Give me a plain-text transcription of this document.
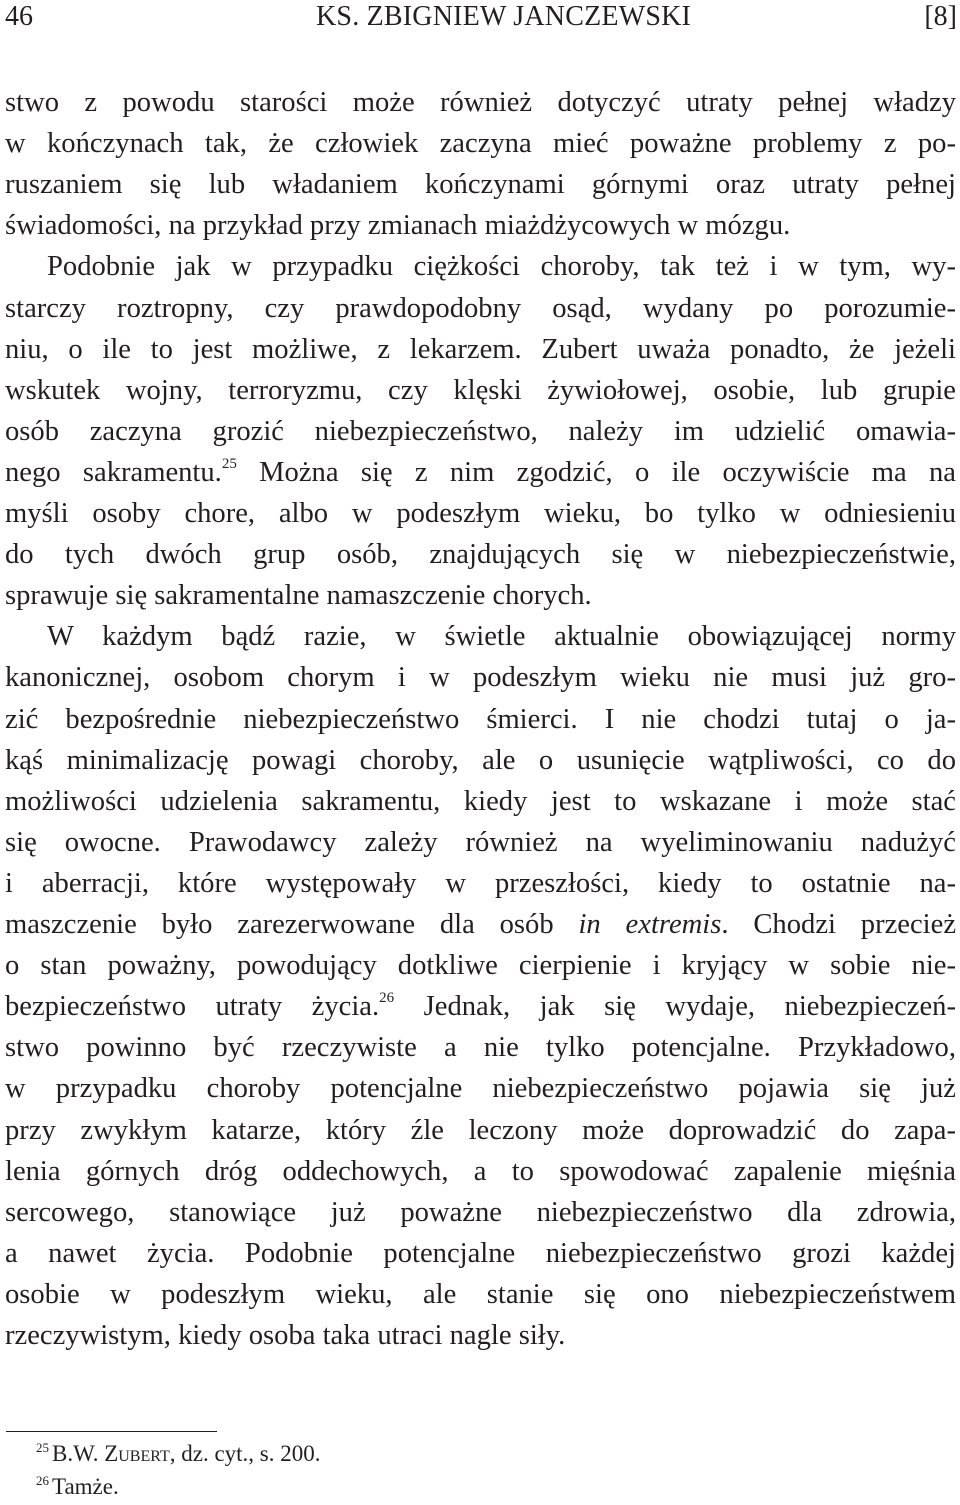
46	KS. ZBIGNIEW JANCZEWSKI	[8]
stwo z powodu starości może również dotyczyć utraty pełnej władzy
w kończynach tak, że człowiek zaczyna mieć poważne problemy z po-
ruszaniem się lub władaniem kończynami górnymi oraz utraty pełnej
świadomości, na przykład przy zmianach miażdżycowych w mózgu.
Podobnie jak w przypadku ciężkości choroby, tak też i w tym, wy-
starczy roztropny, czy prawdopodobny osąd, wydany po porozumie-
niu, o ile to jest możliwe, z lekarzem. Zubert uważa ponadto, że jeżeli
wskutek wojny, terroryzmu, czy klęski żywiołowej, osobie, lub grupie
osób zaczyna grozić niebezpieczeństwo, należy im udzielić omawia-
nego sakramentu.$^{25}$ Można się z nim zgodzić, o ile oczywiście ma na
myśli osoby chore, albo w podeszłym wieku, bo tylko w odniesieniu
do tych dwóch grup osób, znajdujących się w niebezpieczeństwie,
sprawuje się sakramentalne namaszczenie chorych.
W każdym bądź razie, w świetle aktualnie obowiązującej normy
kanonicznej, osobom chorym i w podeszłym wieku nie musi już gro-
zić bezpośrednie niebezpieczeństwo śmierci. I nie chodzi tutaj o ja-
kąś minimalizację powagi choroby, ale o usunięcie wątpliwości, co do
możliwości udzielenia sakramentu, kiedy jest to wskazane i może stać
się owocne. Prawodawcy zależy również na wyeliminowaniu nadużyć
i aberracji, które występowały w przeszłości, kiedy to ostatnie na-
maszczenie było zarezerwowane dla osób in extremis. Chodzi przecież
o stan poważny, powodujący dotkliwe cierpienie i kryjący w sobie nie-
bezpieczeństwo utraty życia.$^{26}$ Jednak, jak się wydaje, niebezpieczeń-
stwo powinno być rzeczywiste a nie tylko potencjalne. Przykładowo,
w przypadku choroby potencjalne niebezpieczeństwo pojawia się już
przy zwykłym katarze, który źle leczony może doprowadzić do zapa-
lenia górnych dróg oddechowych, a to spowodować zapalenie mięśnia
sercowego, stanowiące już poważne niebezpieczeństwo dla zdrowia,
a nawet życia. Podobnie potencjalne niebezpieczeństwo grozi każdej
osobie w podeszłym wieku, ale stanie się ono niebezpieczeństwem
rzeczywistym, kiedy osoba taka utraci nagle siły.
$^{25}$ B.W. Zubert, dz. cyt., s. 200.
$^{26}$ Tamże.
